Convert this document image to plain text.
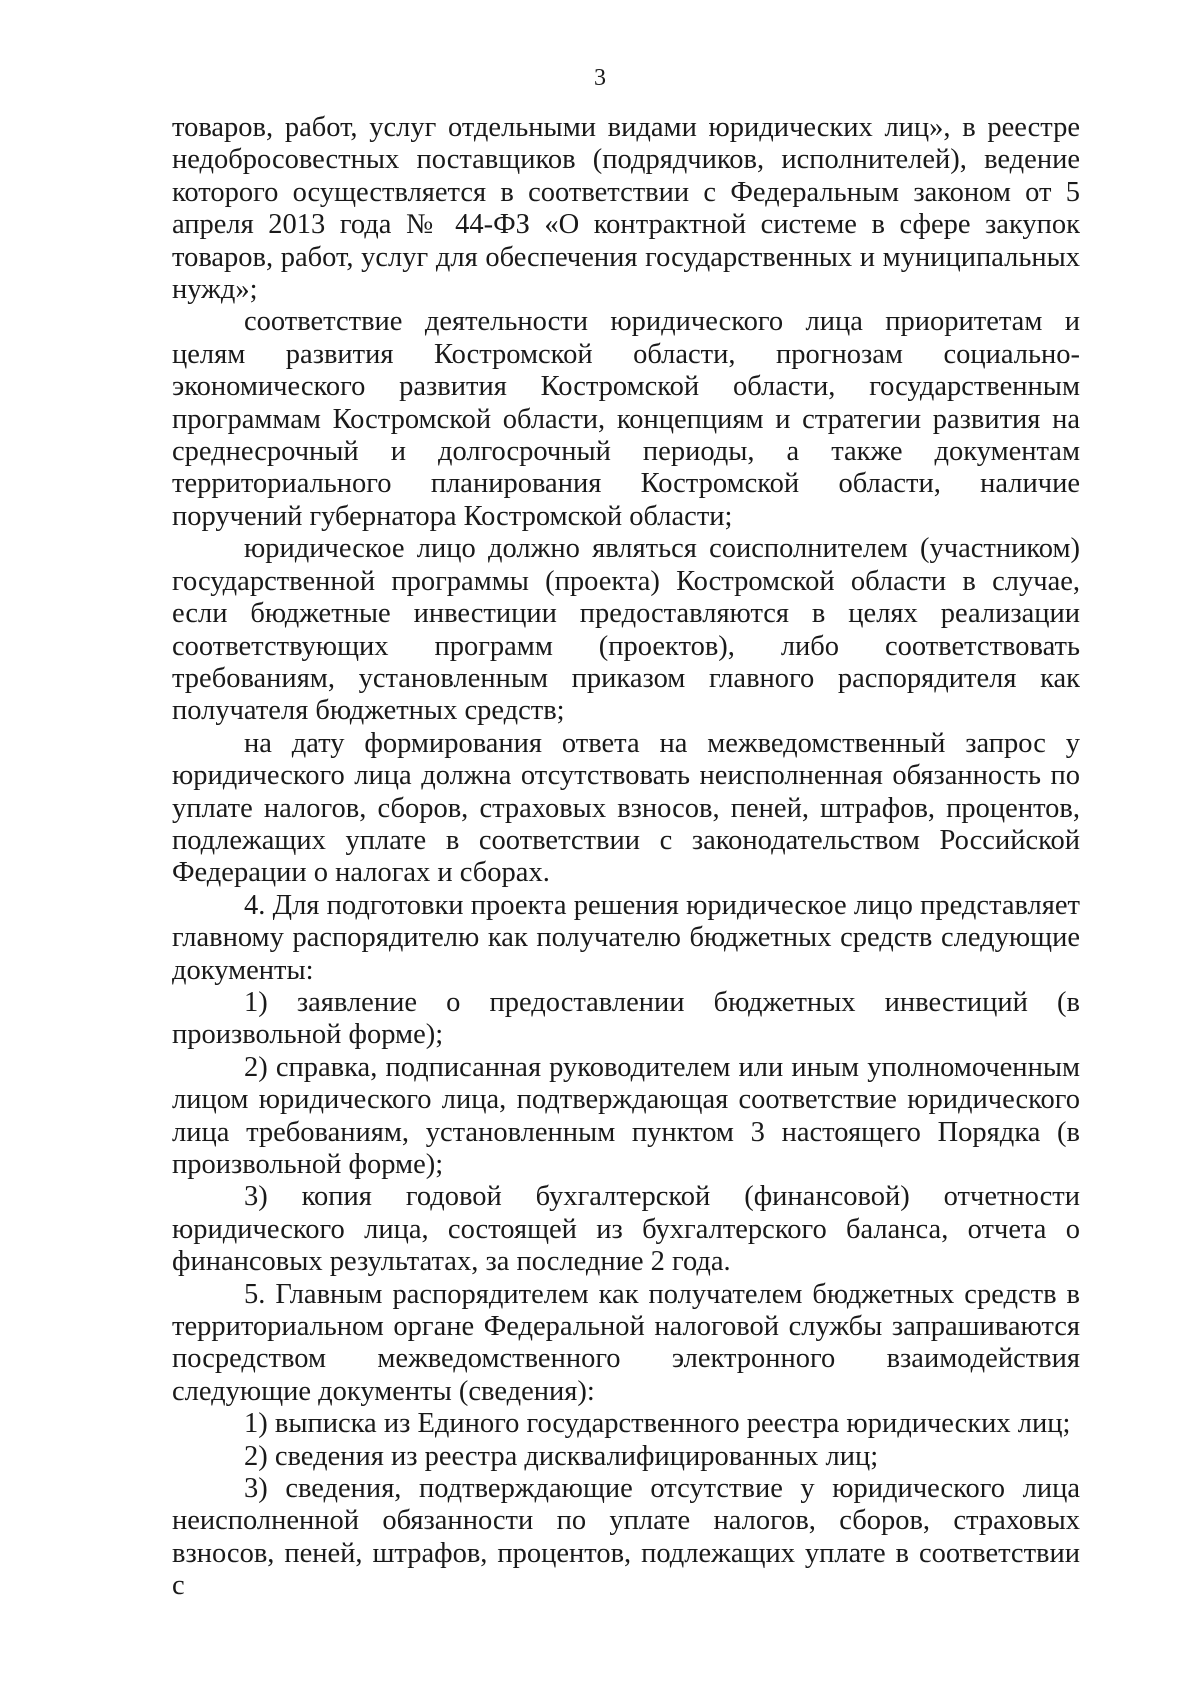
3

товаров, работ, услуг отдельными видами юридических лиц», в реестре недобросовестных поставщиков (подрядчиков, исполнителей), ведение которого осуществляется в соответствии с Федеральным законом от 5 апреля 2013 года № 44-ФЗ «О контрактной системе в сфере закупок товаров, работ, услуг для обеспечения государственных и муниципальных нужд»;

соответствие деятельности юридического лица приоритетам и целям развития Костромской области, прогнозам социально-экономического развития Костромской области, государственным программам Костромской области, концепциям и стратегии развития на среднесрочный и долгосрочный периоды, а также документам территориального планирования Костромской области, наличие поручений губернатора Костромской области;

юридическое лицо должно являться соисполнителем (участником) государственной программы (проекта) Костромской области в случае, если бюджетные инвестиции предоставляются в целях реализации соответствующих программ (проектов), либо соответствовать требованиям, установленным приказом главного распорядителя как получателя бюджетных средств;

на дату формирования ответа на межведомственный запрос у юридического лица должна отсутствовать неисполненная обязанность по уплате налогов, сборов, страховых взносов, пеней, штрафов, процентов, подлежащих уплате в соответствии с законодательством Российской Федерации о налогах и сборах.

4. Для подготовки проекта решения юридическое лицо представляет главному распорядителю как получателю бюджетных средств следующие документы:

1) заявление о предоставлении бюджетных инвестиций (в произвольной форме);

2) справка, подписанная руководителем или иным уполномоченным лицом юридического лица, подтверждающая соответствие юридического лица требованиям, установленным пунктом 3 настоящего Порядка (в произвольной форме);

3) копия годовой бухгалтерской (финансовой) отчетности юридического лица, состоящей из бухгалтерского баланса, отчета о финансовых результатах, за последние 2 года.

5. Главным распорядителем как получателем бюджетных средств в территориальном органе Федеральной налоговой службы запрашиваются посредством межведомственного электронного взаимодействия следующие документы (сведения):

1) выписка из Единого государственного реестра юридических лиц;

2) сведения из реестра дисквалифицированных лиц;

3) сведения, подтверждающие отсутствие у юридического лица неисполненной обязанности по уплате налогов, сборов, страховых взносов, пеней, штрафов, процентов, подлежащих уплате в соответствии с
